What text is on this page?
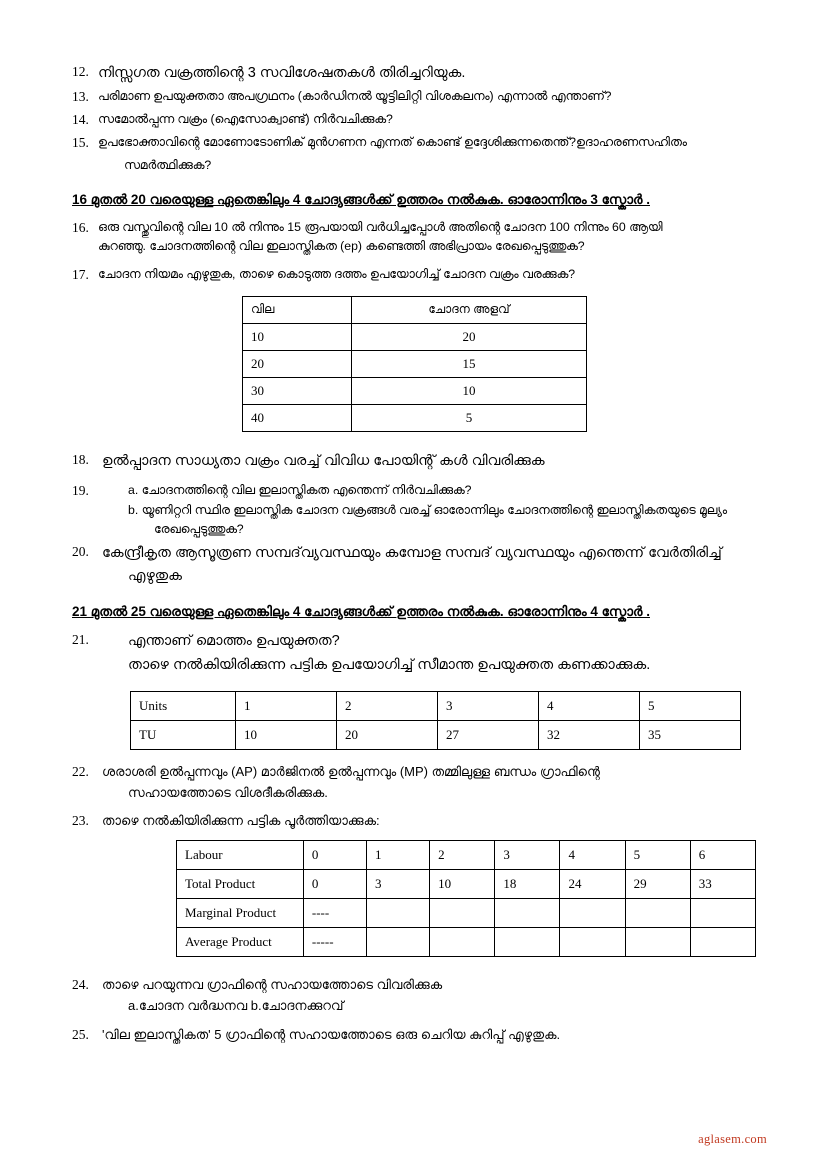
12. നിസ്സഗത വക്രത്തിന്റെ 3 സവിശേഷതകള്‍ തിരിച്ചറിയുക.
13. പരിമാണ ഉപയുക്തതാ അപഗ്രഥനം (കാര്‍ഡിനല്‍ യൂട്ടിലിറ്റി വിശകലനം) എന്നാല്‍ എന്താണ്?
14. സമോല്‍പ്പന്ന വക്രം (ഐസോക്വാണ്ട്) നിര്‍വചിക്കുക?
15. ഉപഭോക്താവിന്റെ മോണോടോണിക് മുന്‍ഗണന എന്നത് കൊണ്ട് ഉദ്ദേശിക്കുന്നതെന്ത്?ഉദാഹരണസഹിതം
സമര്‍ത്ഥിക്കുക?
16 മുതല്‍ 20 വരെയുള്ള ഏതെങ്കിലും 4 ചോദ്യങ്ങള്‍ക്ക് ഉത്തരം നല്‍കുക. ഓരോന്നിനും 3 സ്കോര്‍ .
16. ഒരു വസ്തുവിന്റെ വില 10 ല്‍ നിന്നും 15 രൂപയായി വര്‍ധിച്ചപ്പോള്‍ അതിന്റെ ചോദന 100 നിന്നും 60 ആയി
കുറഞ്ഞു. ചോദനത്തിന്റെ വില ഇലാസ്തികത (ep) കണ്ടെത്തി അഭിപ്രായം രേഖപ്പെടുത്തുക?
17. ചോദന നിയമം എഴുതുക, താഴെ കൊടുത്ത ദത്തം ഉപയോഗിച്ച് ചോദന വക്രം വരക്കുക?
വില	ചോദന അളവ്
10	20
20	15
30	10
40	5
18. ഉല്‍പ്പാദന സാധ്യതാ വക്രം വരച്ച് വിവിധ പോയിന്റ് കള്‍ വിവരിക്കുക
19.	a. ചോദനത്തിന്റെ വില ഇലാസ്തികത എന്തെന്ന് നിര്‍വചിക്കുക?
b. യൂണിറ്ററി സ്ഥിര ഇലാസ്തിക ചോദന വക്രങ്ങള്‍ വരച്ച് ഓരോന്നിലും ചോദനത്തിന്റെ ഇലാസ്തികതയുടെ മൂല്യം
രേഖപ്പെടുത്തുക?
20. കേന്ദ്രീകൃത ആസൂത്രണ സമ്പദ്‌വ്യവസ്ഥയും കമ്പോള സമ്പദ് വ്യവസ്ഥയും എന്തെന്ന് വേര്‍തിരിച്ച്
എഴുതുക
21 മുതല്‍ 25 വരെയുള്ള ഏതെങ്കിലും 4 ചോദ്യങ്ങള്‍ക്ക് ഉത്തരം നല്‍കുക. ഓരോന്നിനും 4 സ്കോര്‍ .
21.	എന്താണ് മൊത്തം ഉപയുക്തത?
താഴെ നല്‍കിയിരിക്കുന്ന പട്ടിക ഉപയോഗിച്ച് സീമാന്ത ഉപയുക്തത കണക്കാക്കുക.
Units	1	2	3	4	5
TU	10	20	27	32	35
22.	ശരാശരി ഉല്‍പ്പന്നവും (AP) മാര്‍ജിനല്‍ ഉല്‍പ്പന്നവും (MP) തമ്മിലുള്ള ബന്ധം ഗ്രാഫിന്റെ
സഹായത്തോടെ വിശദീകരിക്കുക.
23.	താഴെ നല്‍കിയിരിക്കുന്ന പട്ടിക പൂര്‍ത്തിയാക്കുക:
Labour	0	1	2	3	4	5	6
Total Product	0	3	10	18	24	29	33
Marginal Product	----						
Average Product	-----						
24.	താഴെ പറയുന്നവ ഗ്രാഫിന്റെ സഹായത്തോടെ വിവരിക്കുക
a.ചോദന വര്‍ദ്ധനവ b.ചോദനക്കുറവ്
25.	'വില ഇലാസ്തികത' 5 ഗ്രാഫിന്റെ സഹായത്തോടെ ഒരു ചെറിയ കുറിപ്പ് എഴുതുക.
aglasem.com
